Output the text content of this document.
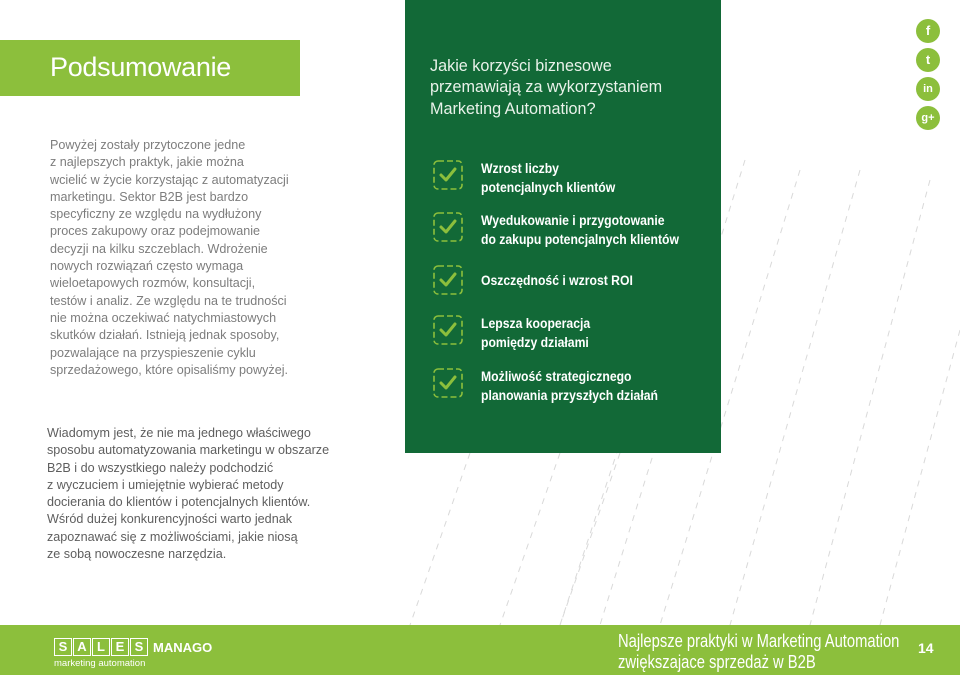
Podsumowanie

Powyżej zostały przytoczone jedne
z najlepszych praktyk, jakie można
wcielić w życie korzystając z automatyzacji
marketingu. Sektor B2B jest bardzo
specyficzny ze względu na wydłużony
proces zakupowy oraz podejmowanie
decyzji na kilku szczeblach. Wdrożenie
nowych rozwiązań często wymaga
wieloetapowych rozmów, konsultacji,
testów i analiz. Ze względu na te trudności
nie można oczekiwać natychmiastowych
skutków działań. Istnieją jednak sposoby,
pozwalające na przyspieszenie cyklu
sprzedażowego, które opisaliśmy powyżej.

Wiadomym jest, że nie ma jednego właściwego
sposobu automatyzowania marketingu w obszarze
B2B i do wszystkiego należy podchodzić
z wyczuciem i umiejętnie wybierać metody
docierania do klientów i potencjalnych klientów.
Wśród dużej konkurencyjności warto jednak
zapoznawać się z możliwościami, jakie niosą
ze sobą nowoczesne narzędzia.

Jakie korzyści biznesowe
przemawiają za wykorzystaniem
Marketing Automation?

Wzrost liczby
potencjalnych klientów
Wyedukowanie i przygotowanie
do zakupu potencjalnych klientów
Oszczędność i wzrost ROI
Lepsza kooperacja
pomiędzy działami
Możliwość strategicznego
planowania przyszłych działań
f
t
in
g+
S A L E S MANAGO
marketing automation
Najlepsze praktyki w Marketing Automation
zwiększajace sprzedaż w B2B
14
